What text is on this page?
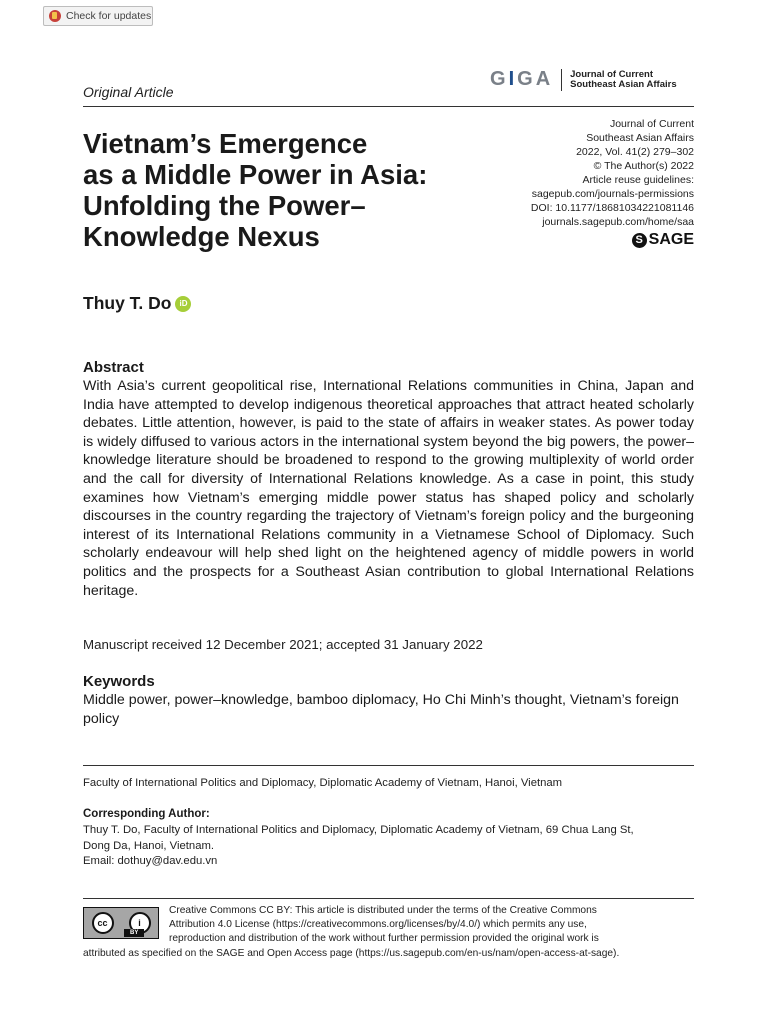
Check for updates
Original Article
GIGA Journal of Current
Southeast Asian Affairs
Vietnam’s Emergence
as a Middle Power in Asia:
Unfolding the Power–
Knowledge Nexus
Journal of Current
Southeast Asian Affairs
2022, Vol. 41(2) 279–302
© The Author(s) 2022
Article reuse guidelines:
sagepub.com/journals-permissions
DOI: 10.1177/18681034221081146
journals.sagepub.com/home/saa
S SAGE
Thuy T. Do	iD
Abstract

With Asia’s current geopolitical rise, International Relations communities in China, Japan and India have attempted to develop indigenous theoretical approaches that attract heated scholarly debates. Little attention, however, is paid to the state of affairs in weaker states. As power today is widely diffused to various actors in the international system beyond the big powers, the power–knowledge literature should be broadened to respond to the growing multiplexity of world order and the call for diversity of International Relations knowledge. As a case in point, this study examines how Vietnam’s emerging middle power status has shaped policy and scholarly discourses in the country regarding the trajectory of Vietnam’s foreign policy and the burgeoning interest of its International Relations community in a Vietnamese School of Diplomacy. Such scholarly endeavour will help shed light on the heightened agency of middle powers in world politics and the prospects for a Southeast Asian contribution to global International Relations heritage.

Manuscript received 12 December 2021; accepted 31 January 2022
Keywords

Middle power, power–knowledge, bamboo diplomacy, Ho Chi Minh’s thought, Vietnam’s foreign policy

Faculty of International Politics and Diplomacy, Diplomatic Academy of Vietnam, Hanoi, Vietnam
Corresponding Author:
Thuy T. Do, Faculty of International Politics and Diplomacy, Diplomatic Academy of Vietnam, 69 Chua Lang St,
Dong Da, Hanoi, Vietnam.
Email: dothuy@dav.edu.vn
Creative Commons CC BY: This article is distributed under the terms of the Creative Commons
Attribution 4.0 License (https://creativecommons.org/licenses/by/4.0/) which permits any use,
reproduction and distribution of the work without further permission provided the original work is
attributed as specified on the SAGE and Open Access page (https://us.sagepub.com/en-us/nam/open-access-at-sage).
cc	i
BY
